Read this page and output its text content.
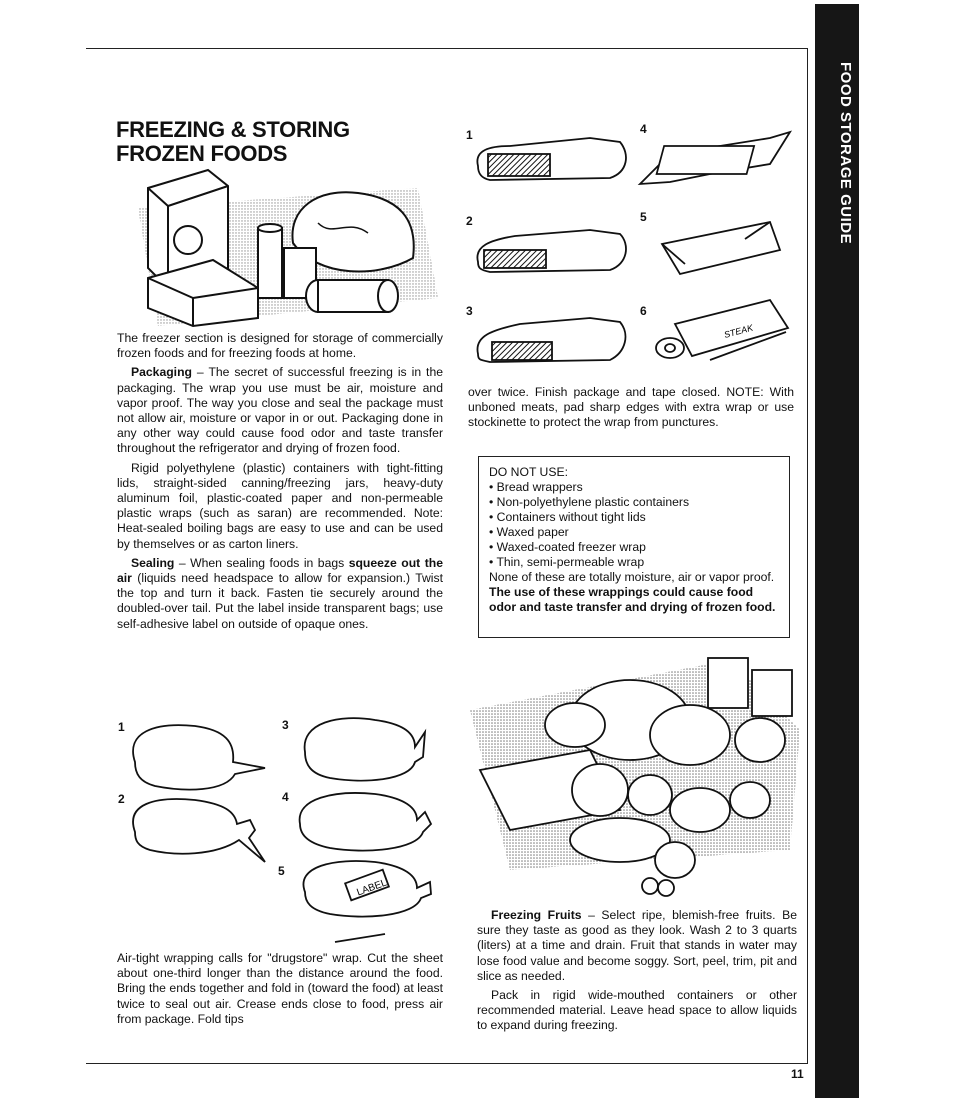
FOOD STORAGE GUIDE
FREEZING & STORING FROZEN FOODS

The freezer section is designed for storage of commercially frozen foods and for freezing foods at home.

Packaging – The secret of successful freezing is in the packaging. The wrap you use must be air, moisture and vapor proof. The way you close and seal the package must not allow air, moisture or vapor in or out. Packaging done in any other way could cause food odor and taste transfer throughout the refrigerator and drying of frozen food.

Rigid polyethylene (plastic) containers with tight-fitting lids, straight-sided canning/freezing jars, heavy-duty aluminum foil, plastic-coated paper and non-permeable plastic wraps (such as saran) are recommended. Note: Heat-sealed boiling bags are easy to use and can be used by themselves or as carton liners.

Sealing – When sealing foods in bags squeeze out the air (liquids need headspace to allow for expansion.) Twist the top and turn it back. Fasten tie securely around the doubled-over tail. Put the label inside transparent bags; use self-adhesive label on outside of opaque ones.

1	3
2	4
5
LABEL
Air-tight wrapping calls for "drugstore" wrap. Cut the sheet about one-third longer than the distance around the food. Bring the ends together and fold in (toward the food) at least twice to seal out air. Crease ends close to food, press air from package. Fold tips
1	4
2	5
3	6
STEAK
over twice. Finish package and tape closed. NOTE: With unboned meats, pad sharp edges with extra wrap or use stockinette to protect the wrap from punctures.
DO NOT USE:
• Bread wrappers
• Non-polyethylene plastic containers
• Containers without tight lids
• Waxed paper
• Waxed-coated freezer wrap
• Thin, semi-permeable wrap
None of these are totally moisture, air or vapor proof. The use of these wrappings could cause food odor and taste transfer and drying of frozen food.

Freezing Fruits – Select ripe, blemish-free fruits. Be sure they taste as good as they look. Wash 2 to 3 quarts (liters) at a time and drain. Fruit that stands in water may lose food value and become soggy. Sort, peel, trim, pit and slice as needed.

Pack in rigid wide-mouthed containers or other recommended material. Leave head space to allow liquids to expand during freezing.

11
